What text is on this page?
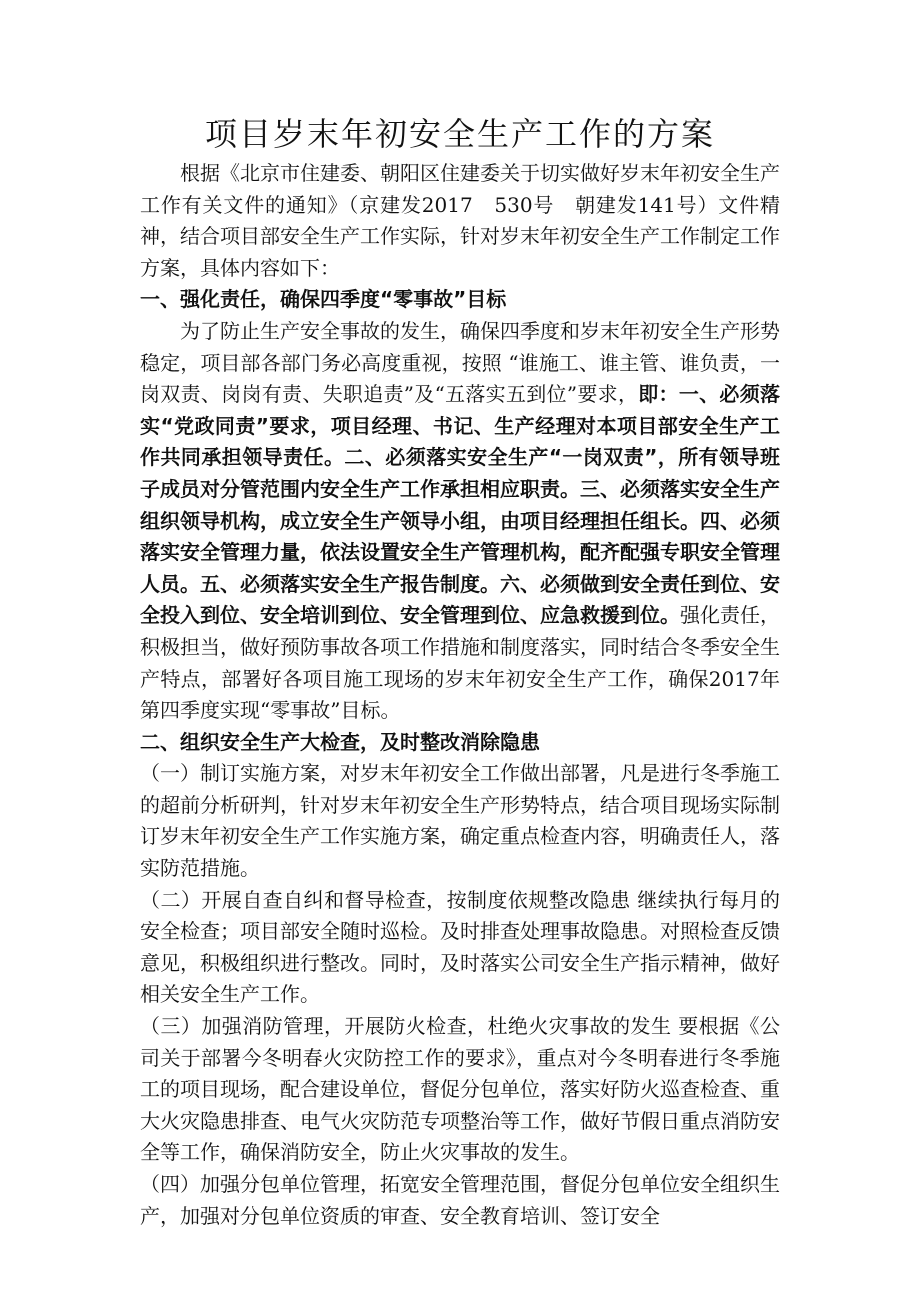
项目岁末年初安全生产工作的方案

根据《北京市住建委、朝阳区住建委关于切实做好岁末年初安全生产工作有关文件的通知》（京建发2017　530号　朝建发141号）文件精神，结合项目部安全生产工作实际，针对岁末年初安全生产工作制定工作方案，具体内容如下：

一、强化责任，确保四季度“零事故”目标

为了防止生产安全事故的发生，确保四季度和岁末年初安全生产形势稳定，项目部各部门务必高度重视，按照 “谁施工、谁主管、谁负责，一岗双责、岗岗有责、失职追责”及“五落实五到位”要求，即：一、必须落实“党政同责”要求，项目经理、书记、生产经理对本项目部安全生产工作共同承担领导责任。二、必须落实安全生产“一岗双责”，所有领导班子成员对分管范围内安全生产工作承担相应职责。三、必须落实安全生产组织领导机构，成立安全生产领导小组，由项目经理担任组长。四、必须落实安全管理力量，依法设置安全生产管理机构，配齐配强专职安全管理人员。五、必须落实安全生产报告制度。六、必须做到安全责任到位、安全投入到位、安全培训到位、安全管理到位、应急救援到位。强化责任，积极担当，做好预防事故各项工作措施和制度落实，同时结合冬季安全生产特点，部署好各项目施工现场的岁末年初安全生产工作，确保2017年第四季度实现“零事故”目标。

二、组织安全生产大检查，及时整改消除隐患

（一）制订实施方案，对岁末年初安全工作做出部署，凡是进行冬季施工的超前分析研判，针对岁末年初安全生产形势特点，结合项目现场实际制订岁末年初安全生产工作实施方案，确定重点检查内容，明确责任人，落实防范措施。

（二）开展自查自纠和督导检查，按制度依规整改隐患 继续执行每月的安全检查；项目部安全随时巡检。及时排查处理事故隐患。对照检查反馈意见，积极组织进行整改。同时，及时落实公司安全生产指示精神，做好相关安全生产工作。

（三）加强消防管理，开展防火检查，杜绝火灾事故的发生 要根据《公司关于部署今冬明春火灾防控工作的要求》，重点对今冬明春进行冬季施工的项目现场，配合建设单位，督促分包单位，落实好防火巡查检查、重大火灾隐患排查、电气火灾防范专项整治等工作，做好节假日重点消防安全等工作，确保消防安全，防止火灾事故的发生。

（四）加强分包单位管理，拓宽安全管理范围，督促分包单位安全组织生产，加强对分包单位资质的审查、安全教育培训、签订安全
